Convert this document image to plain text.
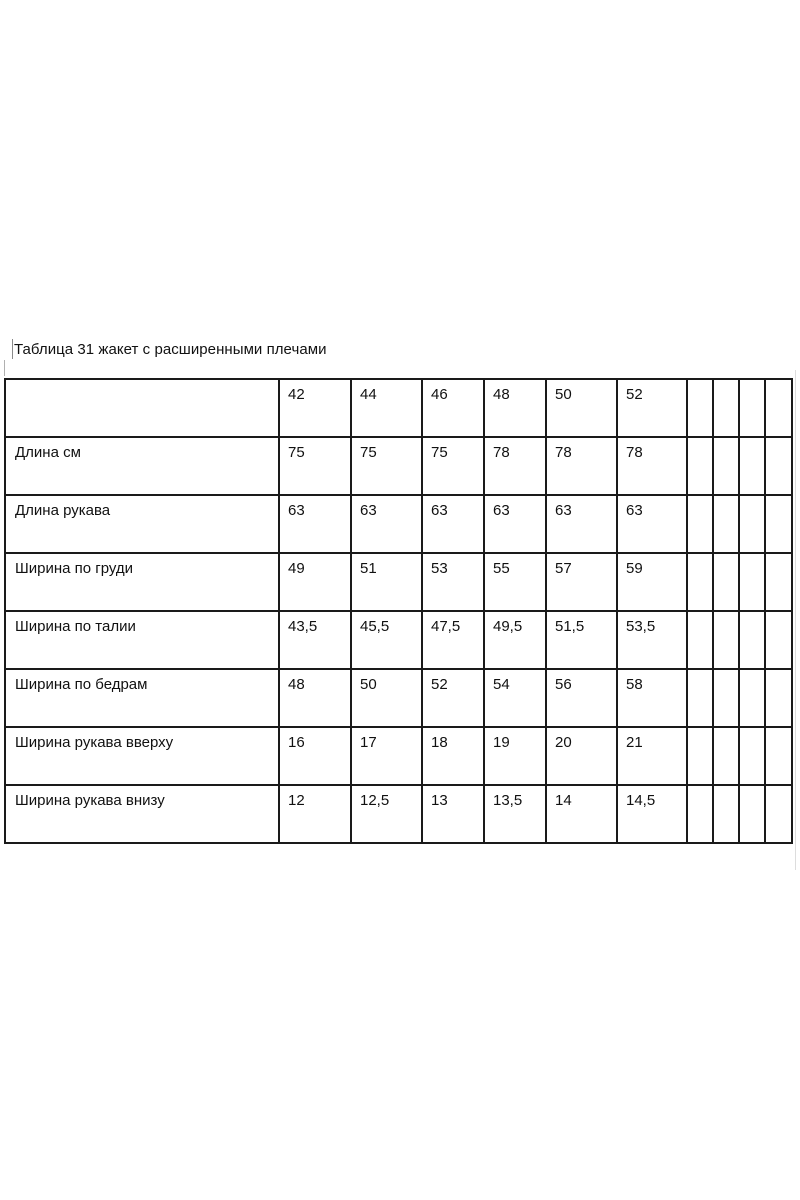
Таблица 31 жакет с расширенными плечами

	42	44	46	48	50	52				

Длина см	75	75	75	78	78	78				

Длина рукава	63	63	63	63	63	63				

Ширина по груди	49	51	53	55	57	59				

Ширина по талии	43,5	45,5	47,5	49,5	51,5	53,5				

Ширина по бедрам	48	50	52	54	56	58				

Ширина рукава вверху	16	17	18	19	20	21				

Ширина рукава внизу	12	12,5	13	13,5	14	14,5				
